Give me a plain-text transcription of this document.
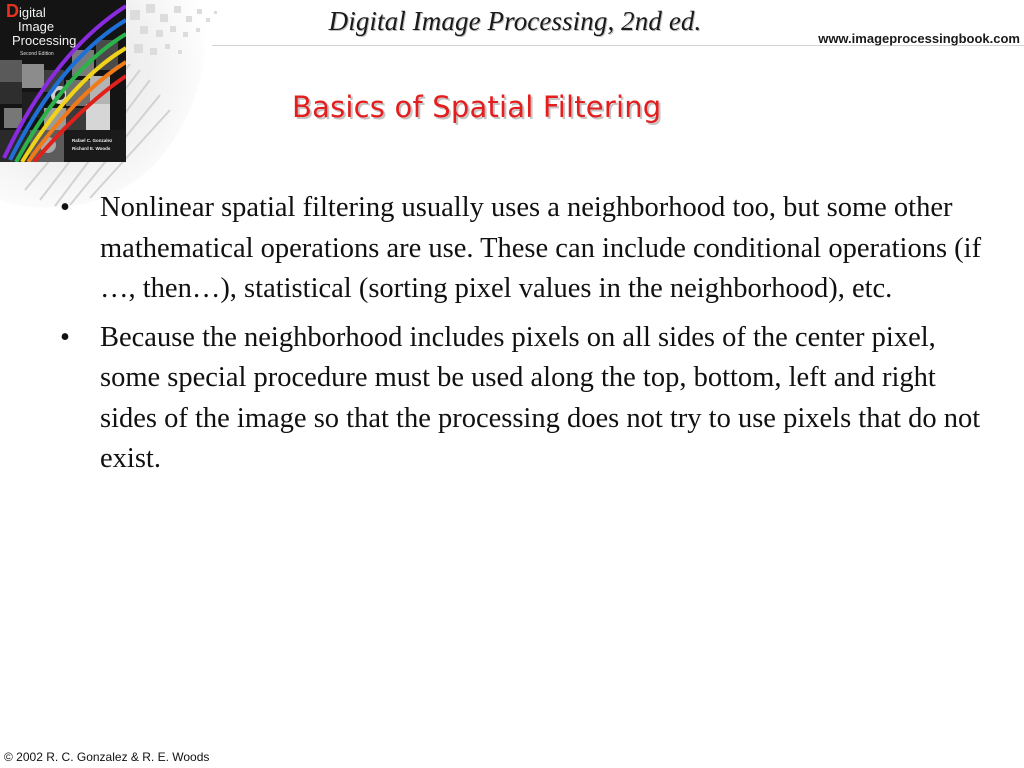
Digital
Image
Processing
Second Edition
Rafael C. Gonzalez
Richard E. Woods
Digital Image Processing, 2nd ed.
www.imageprocessingbook.com
Basics of Spatial Filtering
• Nonlinear spatial filtering usually uses a neighborhood too, but some other mathematical operations are use. These can include conditional operations (if …, then…), statistical (sorting pixel values in the neighborhood), etc.
• Because the neighborhood includes pixels on all sides of the center pixel, some special procedure must be used along the top, bottom, left and right sides of the image so that the processing does not try to use pixels that do not exist.
© 2002 R. C. Gonzalez & R. E. Woods
